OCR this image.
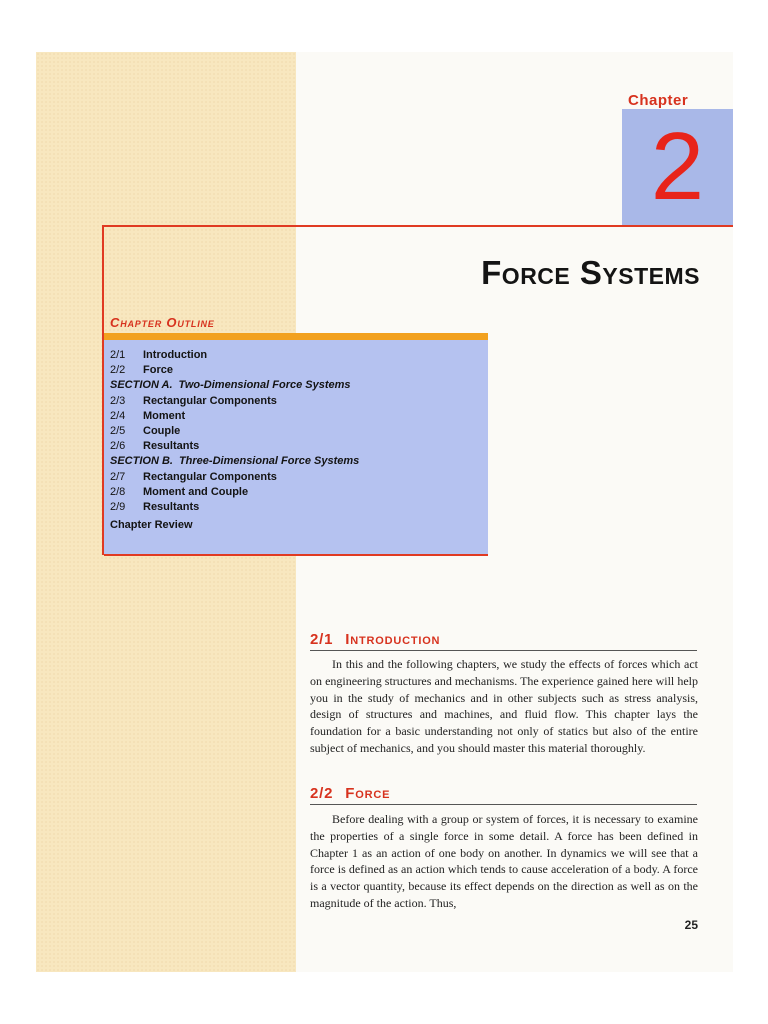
Chapter
2
Force Systems
Chapter Outline
2/1 Introduction
2/2 Force
SECTION A. Two-Dimensional Force Systems
2/3 Rectangular Components
2/4 Moment
2/5 Couple
2/6 Resultants
SECTION B. Three-Dimensional Force Systems
2/7 Rectangular Components
2/8 Moment and Couple
2/9 Resultants
Chapter Review
2/1 Introduction

In this and the following chapters, we study the effects of forces which act on engineering structures and mechanisms. The experience gained here will help you in the study of mechanics and in other subjects such as stress analysis, design of structures and machines, and fluid flow. This chapter lays the foundation for a basic understanding not only of statics but also of the entire subject of mechanics, and you should master this material thoroughly.

2/2 Force

Before dealing with a group or system of forces, it is necessary to examine the properties of a single force in some detail. A force has been defined in Chapter 1 as an action of one body on another. In dynamics we will see that a force is defined as an action which tends to cause acceleration of a body. A force is a vector quantity, because its effect depends on the direction as well as on the magnitude of the action. Thus,

25
